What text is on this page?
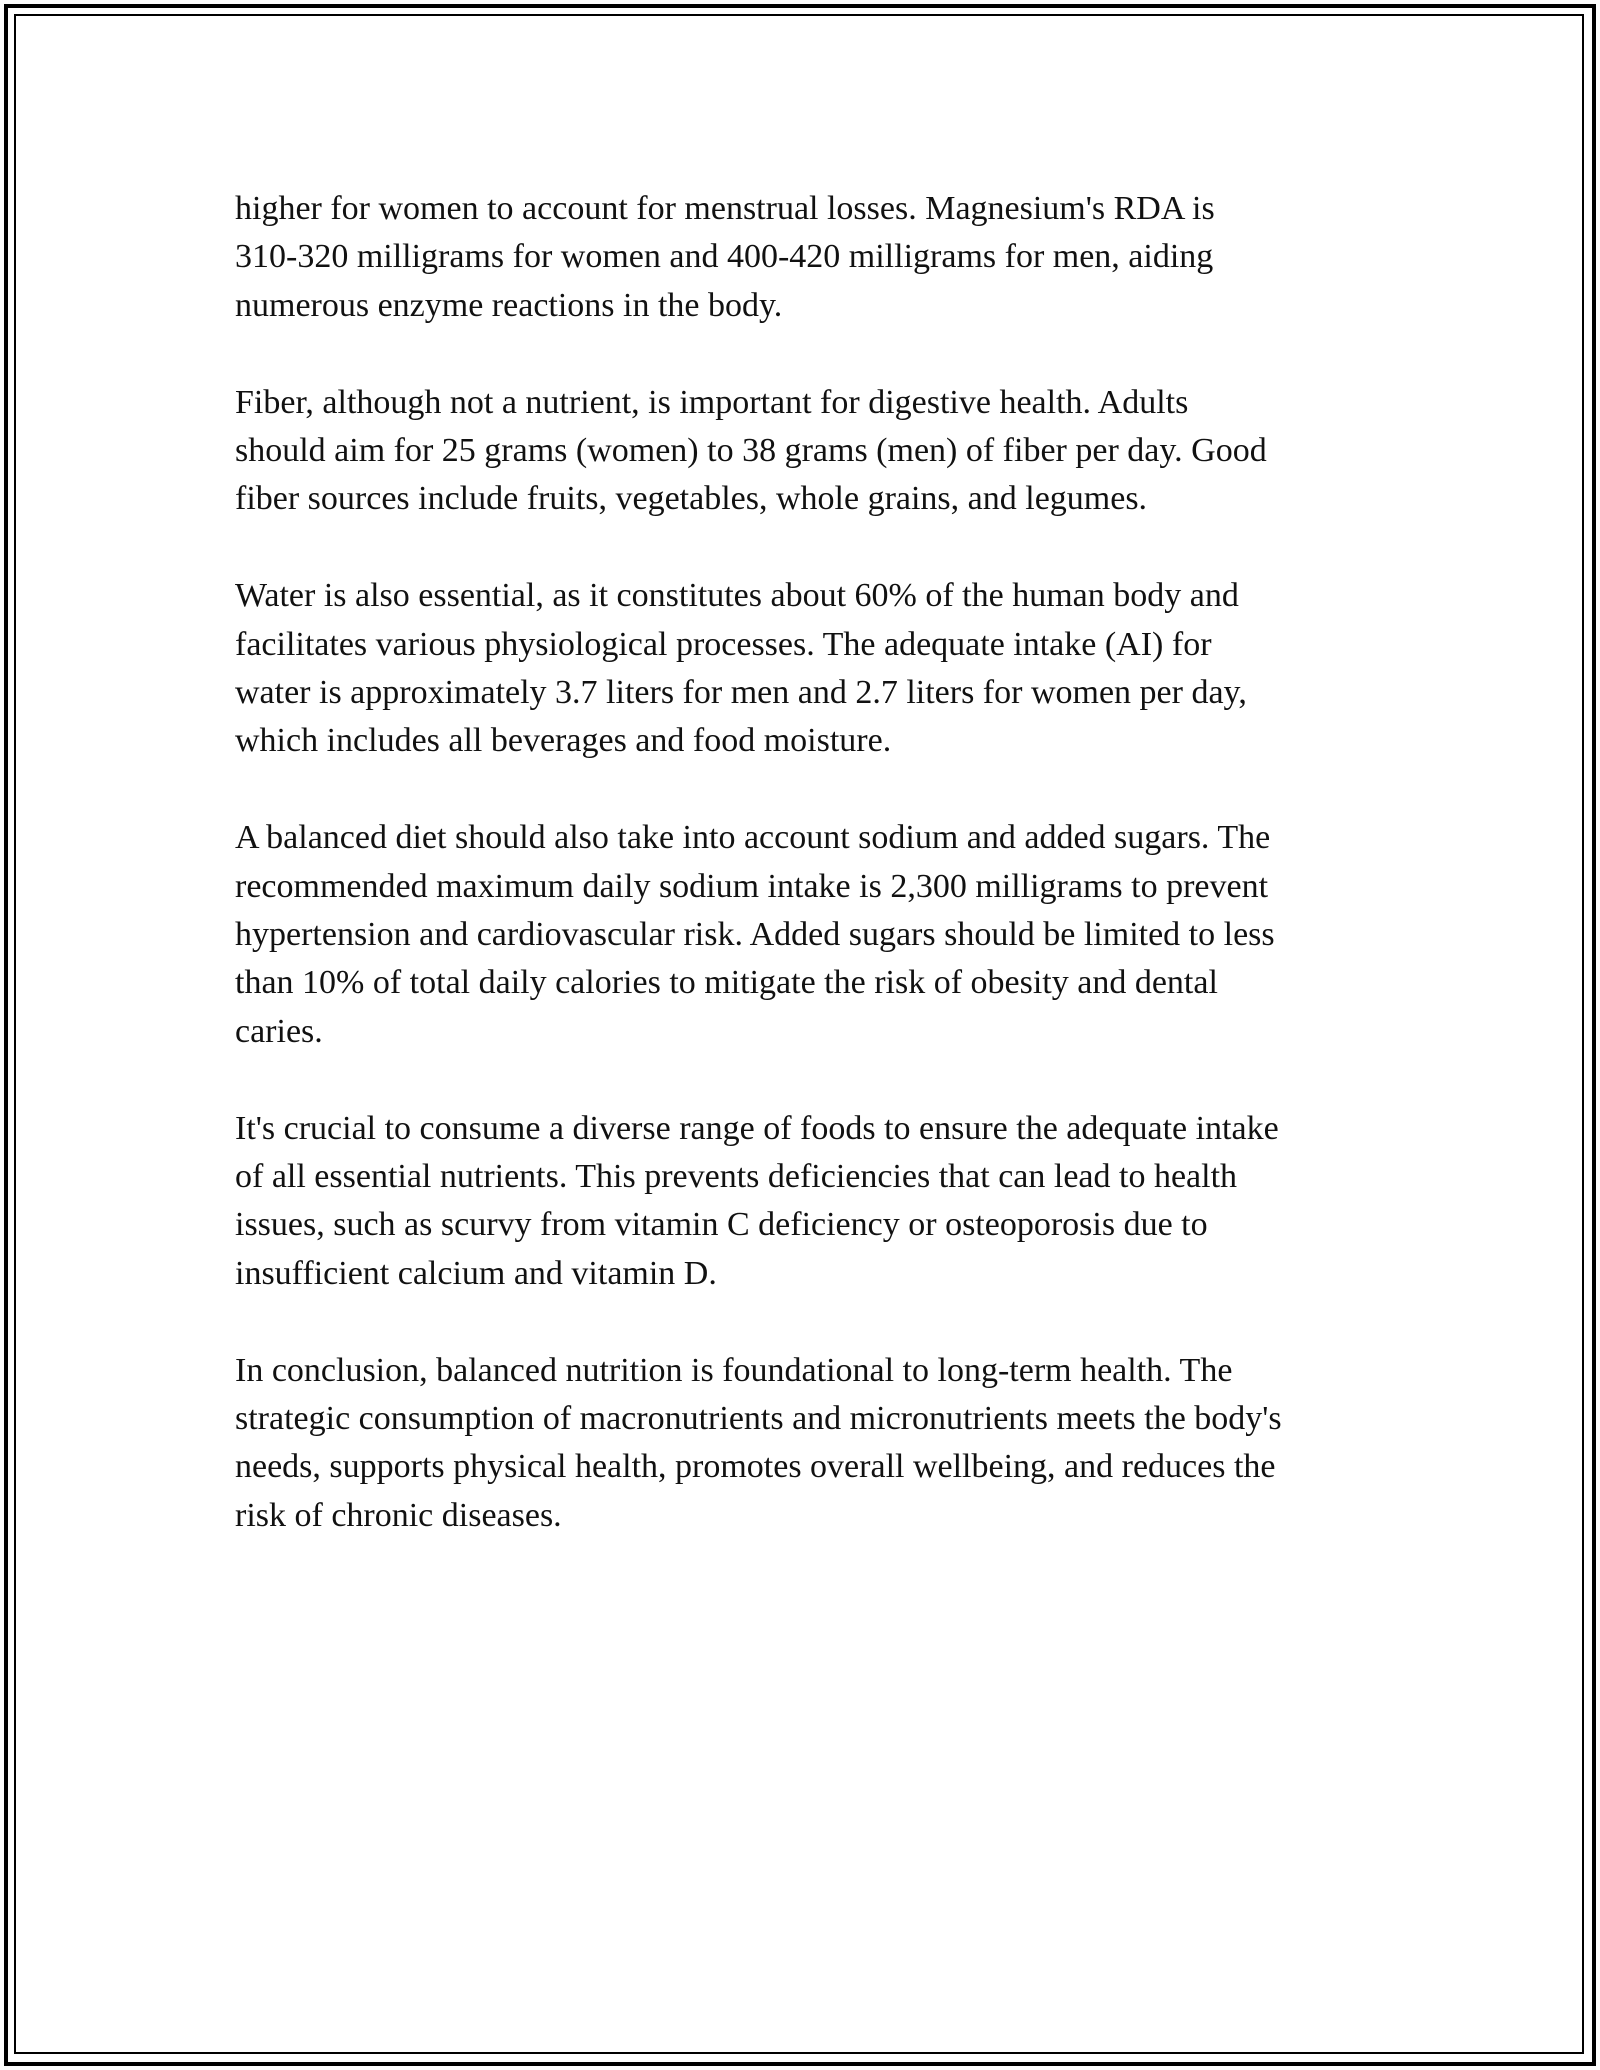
higher for women to account for menstrual losses. Magnesium's RDA is
310-320 milligrams for women and 400-420 milligrams for men, aiding
numerous enzyme reactions in the body.

Fiber, although not a nutrient, is important for digestive health. Adults
should aim for 25 grams (women) to 38 grams (men) of fiber per day. Good
fiber sources include fruits, vegetables, whole grains, and legumes.

Water is also essential, as it constitutes about 60% of the human body and
facilitates various physiological processes. The adequate intake (AI) for
water is approximately 3.7 liters for men and 2.7 liters for women per day,
which includes all beverages and food moisture.

A balanced diet should also take into account sodium and added sugars. The
recommended maximum daily sodium intake is 2,300 milligrams to prevent
hypertension and cardiovascular risk. Added sugars should be limited to less
than 10% of total daily calories to mitigate the risk of obesity and dental
caries.

It's crucial to consume a diverse range of foods to ensure the adequate intake
of all essential nutrients. This prevents deficiencies that can lead to health
issues, such as scurvy from vitamin C deficiency or osteoporosis due to
insufficient calcium and vitamin D.

In conclusion, balanced nutrition is foundational to long-term health. The
strategic consumption of macronutrients and micronutrients meets the body's
needs, supports physical health, promotes overall wellbeing, and reduces the
risk of chronic diseases.
